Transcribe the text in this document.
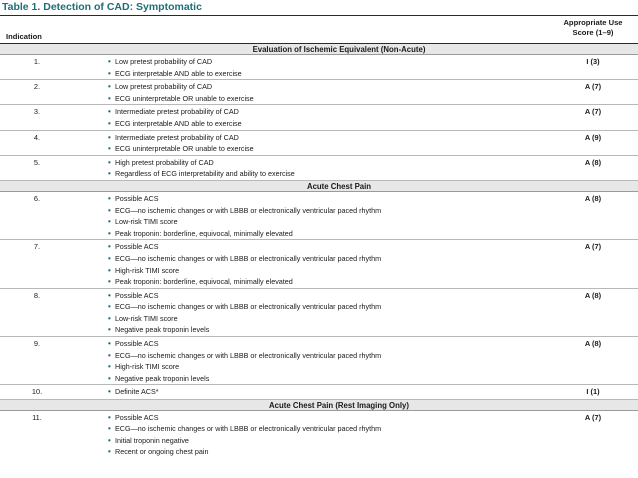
Table 1. Detection of CAD: Symptomatic
Indication
Appropriate Use
Score (1–9)
Evaluation of Ischemic Equivalent (Non-Acute)
1.	• Low pretest probability of CAD
• ECG interpretable AND able to exercise
I (3)
2.	• Low pretest probability of CAD
• ECG uninterpretable OR unable to exercise
A (7)
3.	• Intermediate pretest probability of CAD
• ECG interpretable AND able to exercise
A (7)
4.	• Intermediate pretest probability of CAD
• ECG uninterpretable OR unable to exercise
A (9)
5.	• High pretest probability of CAD
• Regardless of ECG interpretability and ability to exercise
A (8)
Acute Chest Pain
6.	• Possible ACS
• ECG—no ischemic changes or with LBBB or electronically ventricular paced rhythm
• Low-risk TIMI score
• Peak troponin: borderline, equivocal, minimally elevated
A (8)
7.	• Possible ACS
• ECG—no ischemic changes or with LBBB or electronically ventricular paced rhythm
• High-risk TIMI score
• Peak troponin: borderline, equivocal, minimally elevated
A (7)
8.	• Possible ACS
• ECG—no ischemic changes or with LBBB or electronically ventricular paced rhythm
• Low-risk TIMI score
• Negative peak troponin levels
A (8)
9.	• Possible ACS
• ECG—no ischemic changes or with LBBB or electronically ventricular paced rhythm
• High-risk TIMI score
• Negative peak troponin levels
A (8)
10.	• Definite ACS*	I (1)
Acute Chest Pain (Rest Imaging Only)
11.	• Possible ACS
• ECG—no ischemic changes or with LBBB or electronically ventricular paced rhythm
• Initial troponin negative
• Recent or ongoing chest pain
A (7)
